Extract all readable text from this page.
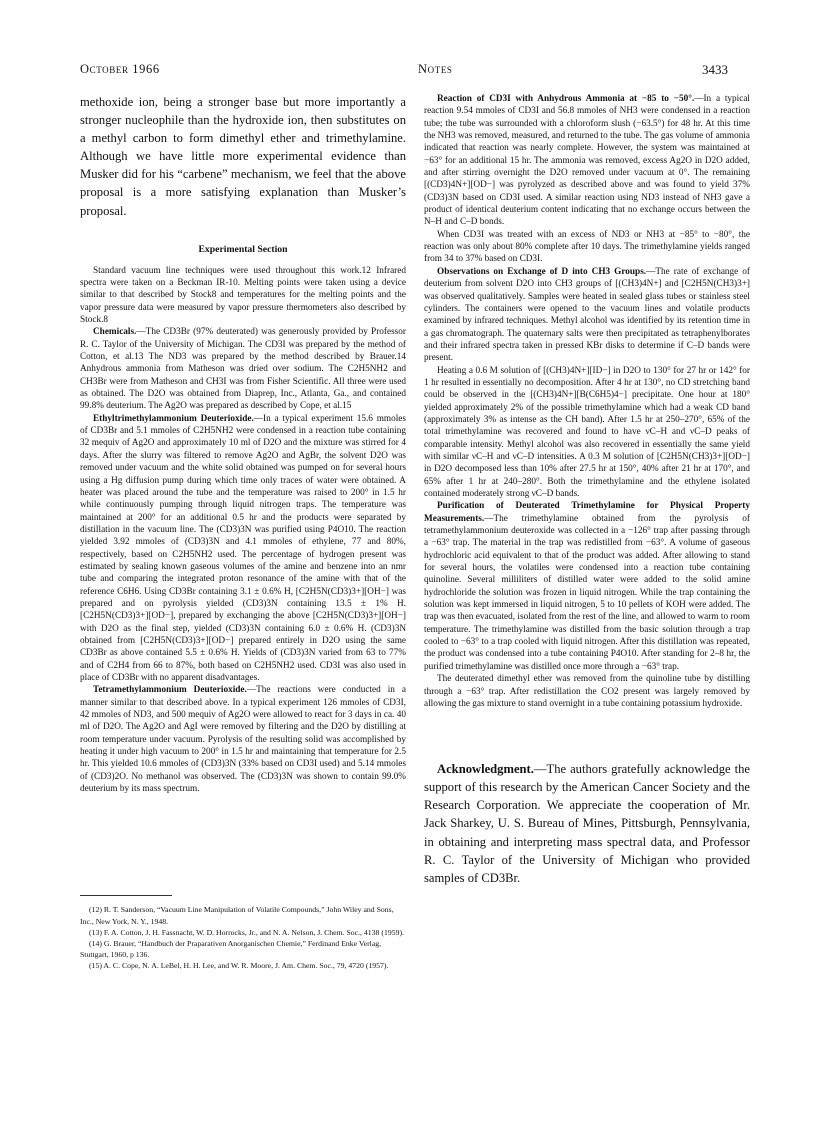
October 1966	Notes	3433

methoxide ion, being a stronger base but more importantly a stronger nucleophile than the hydroxide ion, then substitutes on a methyl carbon to form dimethyl ether and trimethylamine. Although we have little more experimental evidence than Musker did for his “carbene” mechanism, we feel that the above proposal is a more satisfying explanation than Musker’s proposal.

Experimental Section

Standard vacuum line techniques were used throughout this work.12 Infrared spectra were taken on a Beckman IR-10. Melting points were taken using a device similar to that described by Stock8 and temperatures for the melting points and the vapor pressure data were measured by vapor pressure thermometers also described by Stock.8

Chemicals.—The CD3Br (97% deuterated) was generously provided by Professor R. C. Taylor of the University of Michigan. The CD3I was prepared by the method of Cotton, et al.13 The ND3 was prepared by the method described by Brauer.14 Anhydrous ammonia from Matheson was dried over sodium. The C2H5NH2 and CH3Br were from Matheson and CH3I was from Fisher Scientific. All three were used as obtained. The D2O was obtained from Diaprep, Inc., Atlanta, Ga., and contained 99.8% deuterium. The Ag2O was prepared as described by Cope, et al.15

Ethyltrimethylammonium Deuterioxide.—In a typical experiment 15.6 mmoles of CD3Br and 5.1 mmoles of C2H5NH2 were condensed in a reaction tube containing 32 mequiv of Ag2O and approximately 10 ml of D2O and the mixture was stirred for 4 days. After the slurry was filtered to remove Ag2O and AgBr, the solvent D2O was removed under vacuum and the white solid obtained was pumped on for several hours using a Hg diffusion pump during which time only traces of water were obtained. A heater was placed around the tube and the temperature was raised to 200° in 1.5 hr while continuously pumping through liquid nitrogen traps. The temperature was maintained at 200° for an additional 0.5 hr and the products were separated by distillation in the vacuum line. The (CD3)3N was purified using P4O10. The reaction yielded 3.92 mmoles of (CD3)3N and 4.1 mmoles of ethylene, 77 and 80%, respectively, based on C2H5NH2 used. The percentage of hydrogen present was estimated by sealing known gaseous volumes of the amine and benzene into an nmr tube and comparing the integrated proton resonance of the amine with that of the reference C6H6. Using CD3Br containing 3.1 ± 0.6% H, [C2H5N(CD3)3+][OH−] was prepared and on pyrolysis yielded (CD3)3N containing 13.5 ± 1% H. [C2H5N(CD3)3+][OD−], prepared by exchanging the above [C2H5N(CD3)3+][OH−] with D2O as the final step, yielded (CD3)3N containing 6.0 ± 0.6% H. (CD3)3N obtained from [C2H5N(CD3)3+][OD−] prepared entirely in D2O using the same CD3Br as above contained 5.5 ± 0.6% H. Yields of (CD3)3N varied from 63 to 77% and of C2H4 from 66 to 87%, both based on C2H5NH2 used. CD3I was also used in place of CD3Br with no apparent disadvantages.

Tetramethylammonium Deuterioxide.—The reactions were conducted in a manner similar to that described above. In a typical experiment 126 mmoles of CD3I, 42 mmoles of ND3, and 500 mequiv of Ag2O were allowed to react for 3 days in ca. 40 ml of D2O. The Ag2O and AgI were removed by filtering and the D2O by distilling at room temperature under vacuum. Pyrolysis of the resulting solid was accomplished by heating it under high vacuum to 200° in 1.5 hr and maintaining that temperature for 2.5 hr. This yielded 10.6 mmoles of (CD3)3N (33% based on CD3I used) and 5.14 mmoles of (CD3)2O. No methanol was observed. The (CD3)3N was shown to contain 99.0% deuterium by its mass spectrum.

(12) R. T. Sanderson, “Vacuum Line Manipulation of Volatile Compounds,” John Wiley and Sons, Inc., New York, N. Y., 1948.

(13) F. A. Cotton, J. H. Fassnacht, W. D. Horrocks, Jr., and N. A. Nelson, J. Chem. Soc., 4138 (1959).

(14) G. Brauer, “Handbuch der Praparativen Anorganischen Chemie,” Ferdinand Enke Verlag, Stuttgart, 1960, p 136.

(15) A. C. Cope, N. A. LeBel, H. H. Lee, and W. R. Moore, J. Am. Chem. Soc., 79, 4720 (1957).

Reaction of CD3I with Anhydrous Ammonia at −85 to −50°.—In a typical reaction 9.54 mmoles of CD3I and 56.8 mmoles of NH3 were condensed in a reaction tube; the tube was surrounded with a chloroform slush (−63.5°) for 48 hr. At this time the NH3 was removed, measured, and returned to the tube. The gas volume of ammonia indicated that reaction was nearly complete. However, the system was maintained at −63° for an additional 15 hr. The ammonia was removed, excess Ag2O in D2O added, and after stirring overnight the D2O removed under vacuum at 0°. The remaining [(CD3)4N+][OD−] was pyrolyzed as described above and was found to yield 37% (CD3)3N based on CD3I used. A similar reaction using ND3 instead of NH3 gave a product of identical deuterium content indicating that no exchange occurs between the N–H and C–D bonds.

When CD3I was treated with an excess of ND3 or NH3 at −85° to −80°, the reaction was only about 80% complete after 10 days. The trimethylamine yields ranged from 34 to 37% based on CD3I.

Observations on Exchange of D into CH3 Groups.—The rate of exchange of deuterium from solvent D2O into CH3 groups of [(CH3)4N+] and [C2H5N(CH3)3+] was observed qualitatively. Samples were heated in sealed glass tubes or stainless steel cylinders. The containers were opened to the vacuum lines and volatile products examined by infrared techniques. Methyl alcohol was identified by its retention time in a gas chromatograph. The quaternary salts were then precipitated as tetraphenylborates and their infrared spectra taken in pressed KBr disks to determine if C–D bands were present.

Heating a 0.6 M solution of [(CH3)4N+][ID−] in D2O to 130° for 27 hr or 142° for 1 hr resulted in essentially no decomposition. After 4 hr at 130°, no CD stretching band could be observed in the [(CH3)4N+][B(C6H5)4−] precipitate. One hour at 180° yielded approximately 2% of the possible trimethylamine which had a weak CD band (approximately 3% as intense as the CH band). After 1.5 hr at 250–270°, 65% of the total trimethylamine was recovered and found to have νC–H and νC–D peaks of comparable intensity. Methyl alcohol was also recovered in essentially the same yield with similar νC–H and νC–D intensities. A 0.3 M solution of [C2H5N(CH3)3+][OD−] in D2O decomposed less than 10% after 27.5 hr at 150°, 40% after 21 hr at 170°, and 65% after 1 hr at 240–280°. Both the trimethylamine and the ethylene isolated contained moderately strong νC–D bands.

Purification of Deuterated Trimethylamine for Physical Property Measurements.—The trimethylamine obtained from the pyrolysis of tetramethylammonium deuteroxide was collected in a −126° trap after passing through a −63° trap. The material in the trap was redistilled from −63°. A volume of gaseous hydrochloric acid equivalent to that of the product was added. After allowing to stand for several hours, the volatiles were condensed into a reaction tube containing quinoline. Several milliliters of distilled water were added to the solid amine hydrochloride the solution was frozen in liquid nitrogen. While the trap containing the solution was kept immersed in liquid nitrogen, 5 to 10 pellets of KOH were added. The trap was then evacuated, isolated from the rest of the line, and allowed to warm to room temperature. The trimethylamine was distilled from the basic solution through a trap cooled to −63° to a trap cooled with liquid nitrogen. After this distillation was repeated, the product was condensed into a tube containing P4O10. After standing for 2–8 hr, the purified trimethylamine was distilled once more through a −63° trap.

The deuterated dimethyl ether was removed from the quinoline tube by distilling through a −63° trap. After redistillation the CO2 present was largely removed by allowing the gas mixture to stand overnight in a tube containing potassium hydroxide.

Acknowledgment.—The authors gratefully acknowledge the support of this research by the American Cancer Society and the Research Corporation. We appreciate the cooperation of Mr. Jack Sharkey, U. S. Bureau of Mines, Pittsburgh, Pennsylvania, in obtaining and interpreting mass spectral data, and Professor R. C. Taylor of the University of Michigan who provided samples of CD3Br.
